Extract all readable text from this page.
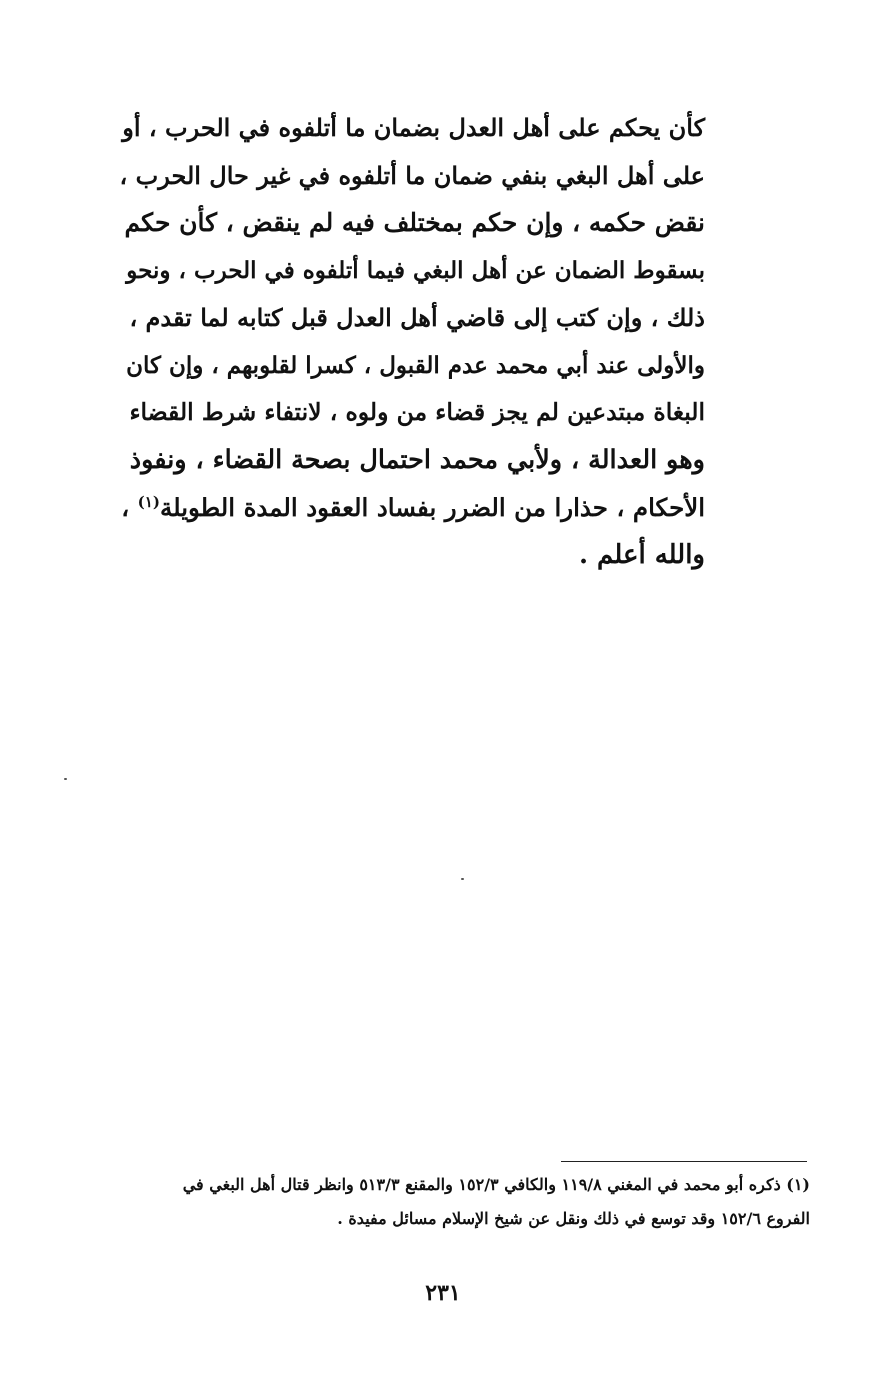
كأن يحكم على أهل العدل بضمان ما أتلفوه في الحرب ، أو
على أهل البغي بنفي ضمان ما أتلفوه في غير حال الحرب ،
نقض حكمه ، وإن حكم بمختلف فيه لم ينقض ، كأن حكم
بسقوط الضمان عن أهل البغي فيما أتلفوه في الحرب ، ونحو
ذلك ، وإن كتب إلى قاضي أهل العدل قبل كتابه لما تقدم ،
والأولى عند أبي محمد عدم القبول ، كسرا لقلوبهم ، وإن كان
البغاة مبتدعين لم يجز قضاء من ولوه ، لانتفاء شرط القضاء
وهو العدالة ، ولأبي محمد احتمال بصحة القضاء ، ونفوذ
الأحكام ، حذارا من الضرر بفساد العقود المدة الطويلة$^{(١)}$ ،
والله أعلم .
(١) ذكره أبو محمد في المغني ١١٩/٨ والكافي ١٥٢/٣ والمقنع ٥١٣/٣ وانظر قتال أهل البغي في
الفروع ١٥٢/٦ وقد توسع في ذلك ونقل عن شيخ الإسلام مسائل مفيدة .
٢٣١
